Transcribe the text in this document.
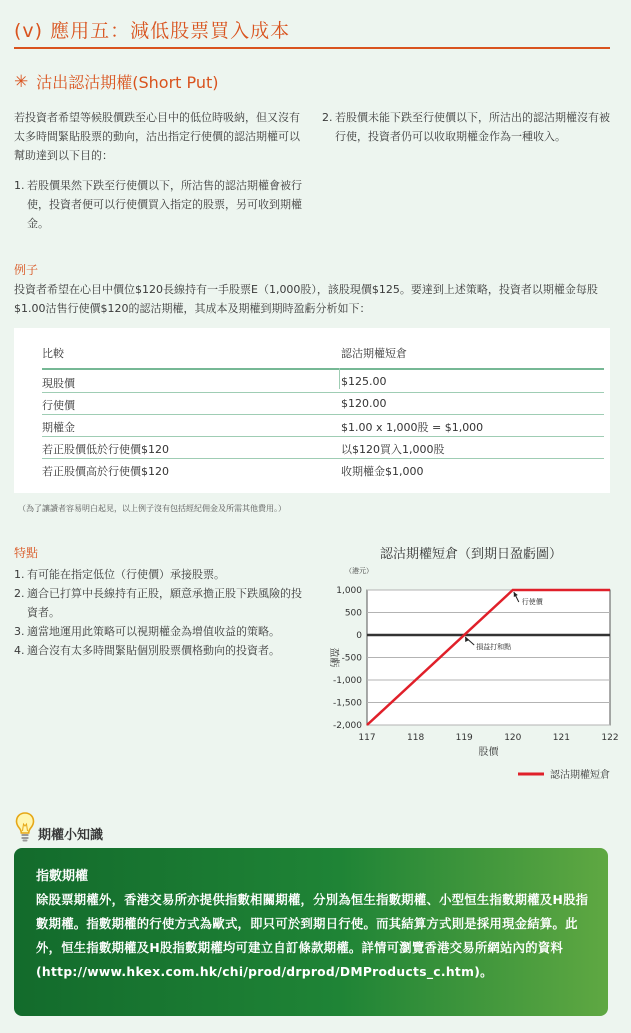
(v) 應用五：減低股票買入成本
✳ 沽出認沽期權(Short Put)
若投資者希望等候股價跌至心目中的低位時吸納，但又沒有太多時間緊貼股票的動向，沽出指定行使價的認沽期權可以幫助達到以下目的：
1. 若股價果然下跌至行使價以下，所沽售的認沽期權會被行使，投資者便可以行使價買入指定的股票，另可收到期權金。
2. 若股價未能下跌至行使價以下，所沽出的認沽期權沒有被行使，投資者仍可以收取期權金作為一種收入。
例子
投資者希望在心目中價位$120長線持有一手股票E（1,000股），該股現價$125。要達到上述策略，投資者以期權金每股$1.00沽售行使價$120的認沽期權，其成本及期權到期時盈虧分析如下：
比較	認沽期權短倉
現股價	$125.00
行使價	$120.00
期權金	$1.00 x 1,000股 = $1,000
若正股價低於行使價$120	以$120買入1,000股
若正股價高於行使價$120	收期權金$1,000
（為了讓讀者容易明白起見，以上例子沒有包括經紀佣金及所需其他費用。）
特點
1. 有可能在指定低位（行使價）承接股票。
2. 適合已打算中長線持有正股，願意承擔正股下跌風險的投資者。
3. 適當地運用此策略可以視期權金為增值收益的策略。
4. 適合沒有太多時間緊貼個別股票價格動向的投資者。
認沽期權短倉（到期日盈虧圖）
1,000
500
0
-500
-1,000
-1,500
-2,000
117	118	119	120	121	122
（港元）
股價
盈虧
行使價
損益打和點
認沽期權短倉
期權小知識
指數期權
除股票期權外，香港交易所亦提供指數相關期權，分別為恒生指數期權、小型恒生指數期權及H股指數期權。指數期權的行使方式為歐式，即只可於到期日行使。而其結算方式則是採用現金結算。此外，恒生指數期權及H股指數期權均可建立自訂條款期權。詳情可瀏覽香港交易所網站內的資料(http://www.hkex.com.hk/chi/prod/drprod/DMProducts_c.htm)。
